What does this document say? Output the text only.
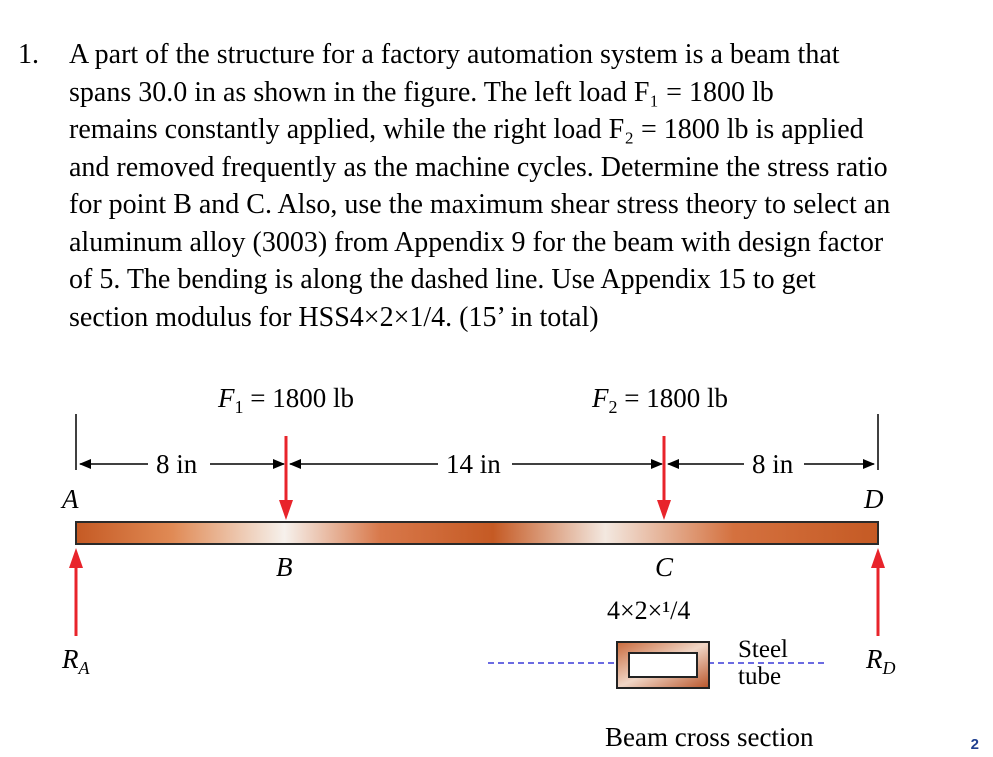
1. A part of the structure for a factory automation system is a beam that
spans 30.0 in as shown in the figure. The left load F₁ = 1800 lb
remains constantly applied, while the right load F₂ = 1800 lb is applied
and removed frequently as the machine cycles. Determine the stress ratio
for point B and C. Also, use the maximum shear stress theory to select an
aluminum alloy (3003) from Appendix 9 for the beam with design factor
of 5. The bending is along the dashed line. Use Appendix 15 to get
section modulus for HSS4×2×1/4. (15’ in total)
$F_1 = 1800$ lb	$F_2 = 1800$ lb
8 in	14 in	8 in
A	D
B	C
4×2×¹/4
$R_A$	$R_D$
Steel
tube
Beam cross section	2
